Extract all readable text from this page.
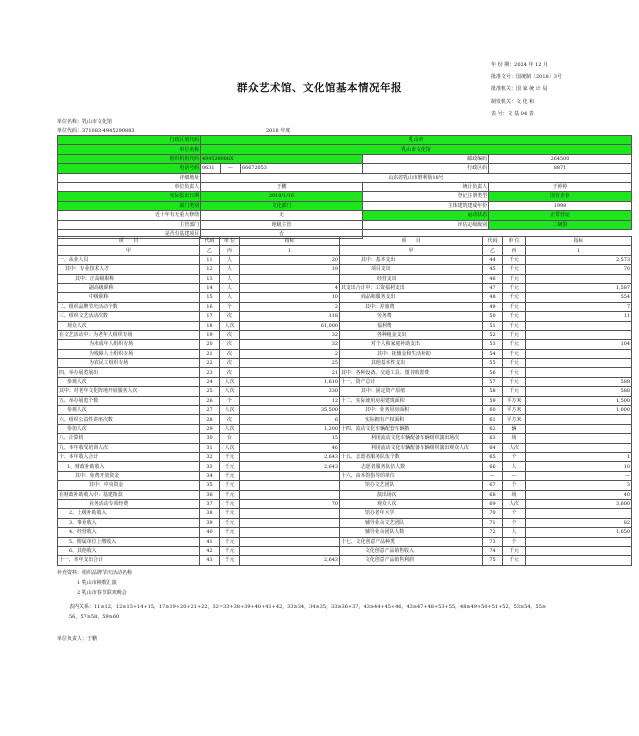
群众艺术馆、文化馆基本情况年报
年 份 期：2024 年 12 月
批准文号：国统制〔2018〕3号
批准机关：国 家 统 计 局
制发机关：文 化 和
表 号：文 基 04 表
单位名称：乳山市文化馆
单位代码：371083-4945290883	2018 年度
行政区划代码	乳山市				
单位名称	乳山市文化馆				
组织机构代码	494529088X			邮政编码	264500
电话号码	0631	—	66672053	行政区码	8871
详细地址	山东省乳山市胜利街18号				
单位负责人	于鹏			统计负责人	于婷婷
实际报出日期	2019/1/16			登记注册类型	国有企业
部门类别	文化部门			主体建筑建成年份	1998
近十年有无重大修缮	无			运动状态	正常营运
主管部门	地级主管			评估定级级别	二级馆
是否有基建项目	否				
项　　目	代码	单 位	指标	项　　目	代码	单 位	指标
甲	乙	丙	1	甲	乙	丙	1
一、从业人员	11	人	20	其中：基本支出	44	千元	2,573
其中：专业技术人才	12	人	19	项目支出	45	千元	70
其中：正高级职称	13	人		经营支出	46	千元	
副高级职称	14	人	4	其支出合计中：工资福利支出	47	千元	1,587
中级职称	15	人	10	商品和服务支出	48	千元	554
二、组织品牌节庆活动个数	16	个	2	其中：差旅费	49	千元	7
三、组织文艺活动次数	17	次	118	劳务费	50	千元	11
观众人次	18	人次	61,000	福利费	51	千元	
在文艺活动中：为老年人组织专场	19	次	32	各种租金支出	52	千元	
为未成年人组织专场	20	次	32	对个人和家庭补助支出	53	千元	104
为残障人士组织专场	21	次	2	其中：抚恤金和生活补助	54	千元	
为农民工组织专场	22	次	25	其他基本性支出	55	千元	
四、举办展览展出	23	次	21	其中：各种设备、交通工具、图书购置费	56	千元	
参观人次	24	人次	1,610	十一、资产总计	57	千元	588
其中：对老年文化阵地开展服务人次	25	人次	330	其中：固定资产原值	58	千元	588
五、举办展览个数	26	个	12	十二、实际使用房屋建筑面积	59	平方米	1,500
参观人次	27	人次	35,500	其中：业务用房面积	60	平方米	1,000
六、组织公益性讲座次数	28	次	6	实际拥有产权面积	61	平方米	
参加人次	29	人次	1,200	十四、流动文化车辆配套车辆数	62	辆	
八、计算机	30	台	15	利用流动文化车辆配备车辆组织演出场次	63	场	
九、本年收受培训人次	31	人次	46	利用流动文化车辆配备车辆组织演出观众人次	64	人次	
十、本年收入合计	32	千元	2,643	十五、志愿者服务队伍个数	65	个	1
1、财政补助收入	33	千元	2,643	志愿者服务队伍人数	66	人	10
其中：免费开放资金	34	千元		十六、由本馆指导的单位	—	—	—
其中：中央资金	35	千元		馆办文艺团队	67	个	3
在财政补助收入中：基建拨款	36	千元		演出场次	68	场	40
业务活动专项经费	37	千元	70	观众人次	69	人次	3,600
2、上级补助收入	38	千元		馆办老年大学	70	个	
3、事业收入	39	千元		辅导业余文艺团队	71	个	82
4、经营收入	40	千元		辅导业余团队人数	72	人	1,650
5、附属单位上缴收入	41	千元		十七、文化创意产品种类	73	个	
6、其他收入	42	千元		文化创意产品销售收入	74	千元	
十一、本年支出合计	43	千元	2,643	文化创意产品销售利润	75	千元	
补充资料：组织品牌节庆活动名称
1 乳山市秧歌汇演
2 乳山市春节联欢晚会
表内关系：11≥12，12≥13+14+15，17≥19+20+21+22，32=33+38+39+40+41+42，33≥34，34≥35，33≥36+37，43≥44+45+46，43≥47+48+53+55，48≥49+50+51+52，53≥54，55≥
56，57≥58，59≥60
单位负责人：于鹏
